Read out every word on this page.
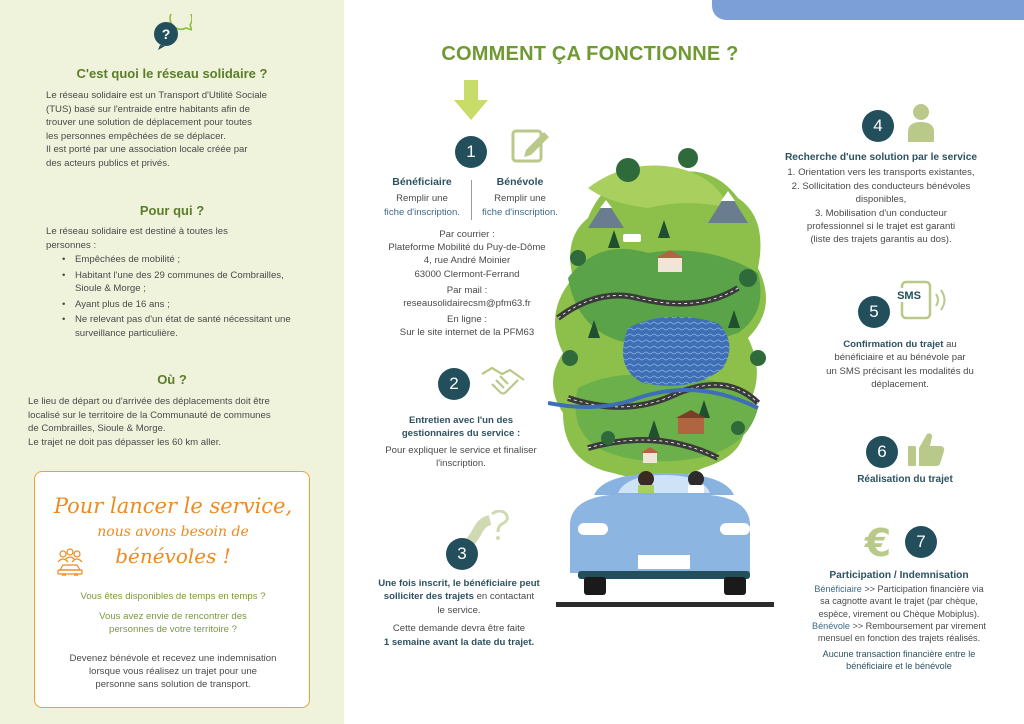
?
C'est quoi le réseau solidaire ?
Le réseau solidaire est un Transport d'Utilité Sociale
(TUS) basé sur l'entraide entre habitants afin de
trouver une solution de déplacement pour toutes
les personnes empêchées de se déplacer.
Il est porté par une association locale créée par
des acteurs publics et privés.
Pour qui ?
Le réseau solidaire est destiné à toutes les
personnes :
• Empêchées de mobilité ;
• Habitant l'une des 29 communes de Combrailles, Sioule & Morge ;
• Ayant plus de 16 ans ;
• Ne relevant pas d'un état de santé nécessitant une surveillance particulière.
Où ?
Le lieu de départ ou d'arrivée des déplacements doit être
localisé sur le territoire de la Communauté de communes
de Combrailles, Sioule & Morge.
Le trajet ne doit pas dépasser les 60 km aller.
Pour lancer le service,
nous avons besoin de
bénévoles !
Vous êtes disponibles de temps en temps ?
Vous avez envie de rencontrer des
personnes de votre territoire ?
Devenez bénévole et recevez une indemnisation
lorsque vous réalisez un trajet pour une
personne sans solution de transport.
COMMENT ÇA FONCTIONNE ?
1
Bénéficiaire
Remplir une
fiche d'inscription.
Bénévole
Remplir une
fiche d'inscription.
Par courrier :
Plateforme Mobilité du Puy-de-Dôme
4, rue André Moinier
63000 Clermont-Ferrand
Par mail :
reseausolidairecsm@pfm63.fr
En ligne :
Sur le site internet de la PFM63
2
Entretien avec l'un des
gestionnaires du service :
Pour expliquer le service et finaliser
l'inscription.
3
Une fois inscrit, le bénéficiaire peut
solliciter des trajets en contactant
le service.
Cette demande devra être faite
1 semaine avant la date du trajet.
4
Recherche d'une solution par le service
1. Orientation vers les transports existantes,
2. Sollicitation des conducteurs bénévoles
disponibles,
3. Mobilisation d'un conducteur
professionnel si le trajet est garanti
(liste des trajets garantis au dos).
SMS
5
Confirmation du trajet au
bénéficiaire et au bénévole par
un SMS précisant les modalités du
déplacement.
6
Réalisation du trajet
€	7
Participation / Indemnisation
Bénéficiaire >> Participation financière via
sa cagnotte avant le trajet (par chèque,
espèce, virement ou Chèque Mobiplus).
Bénévole >> Remboursement par virement
mensuel en fonction des trajets réalisés.
Aucune transaction financière entre le
bénéficiaire et le bénévole
